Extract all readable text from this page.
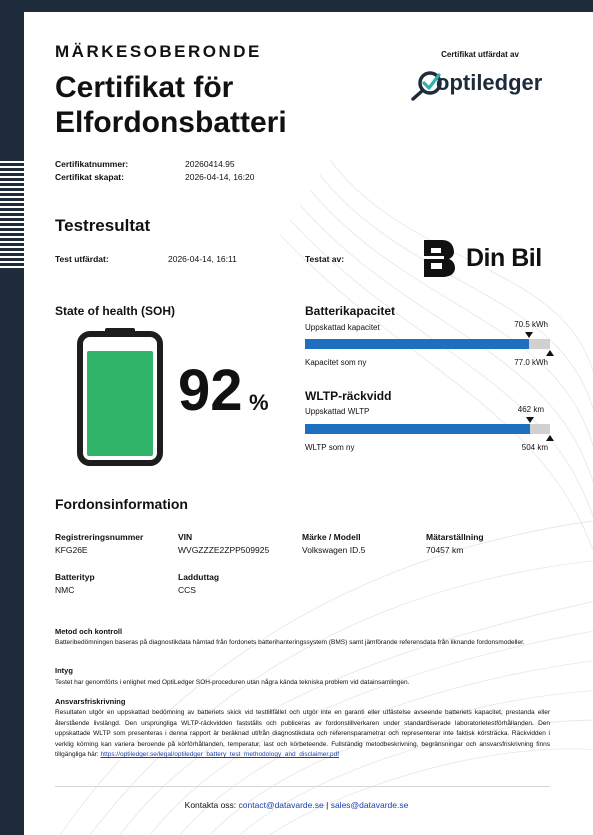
MÄRKESOBERONDE
Certifikat för Elfordonsbatteri
Certifikat utfärdat av
optiledger
Certifikatnummer:	20260414.95
Certifikat skapat:	2026-04-14, 16:20
Testresultat
Test utfärdat:	2026-04-14, 16:11	Testat av:	Din Bil
State of health (SOH)
92 %
Batterikapacitet
Uppskattad kapacitet	70.5 kWh
Kapacitet som ny	77.0 kWh
WLTP-räckvidd
Uppskattad WLTP	462 km
WLTP som ny	504 km
Fordonsinformation
Registreringsnummer
KFG26E
VIN
WVGZZZE2ZPP509925
Märke / Modell
Volkswagen ID.5
Mätarställning
70457 km
Batterityp
NMC
Ladduttag
CCS
Metod och kontroll
Batteribedömningen baseras på diagnostikdata hämtad från fordonets batterihanteringssystem (BMS) samt jämförande referensdata från liknande fordonsmodeller.
Intyg
Testet har genomförts i enlighet med OptiLedger SOH-proceduren utan några kända tekniska problem vid datainsamlingen.
Ansvarsfriskrivning
Resultaten utgör en uppskattad bedömning av batteriets skick vid testtillfället och utgör inte en garanti eller utfästelse avseende batteriets kapacitet, prestanda eller återstående livslängd. Den ursprungliga WLTP-räckvidden fastställs och publiceras av fordonstillverkaren under standardiserade laboratorietestförhållanden. Den uppskattade WLTP som presenteras i denna rapport är beräknad utifrån diagnostikdata och referensparametrar och representerar inte faktisk körsträcka. Räckvidden i verklig körning kan variera beroende på körförhållanden, temperatur, last och körbeteende. Fullständig metodbeskrivning, begränsningar och ansvarsfriskrivning finns tillgängliga här: https://optiledger.se/legal/optiledger_battery_test_methodology_and_disclaimer.pdf
Kontakta oss: contact@datavarde.se | sales@datavarde.se
